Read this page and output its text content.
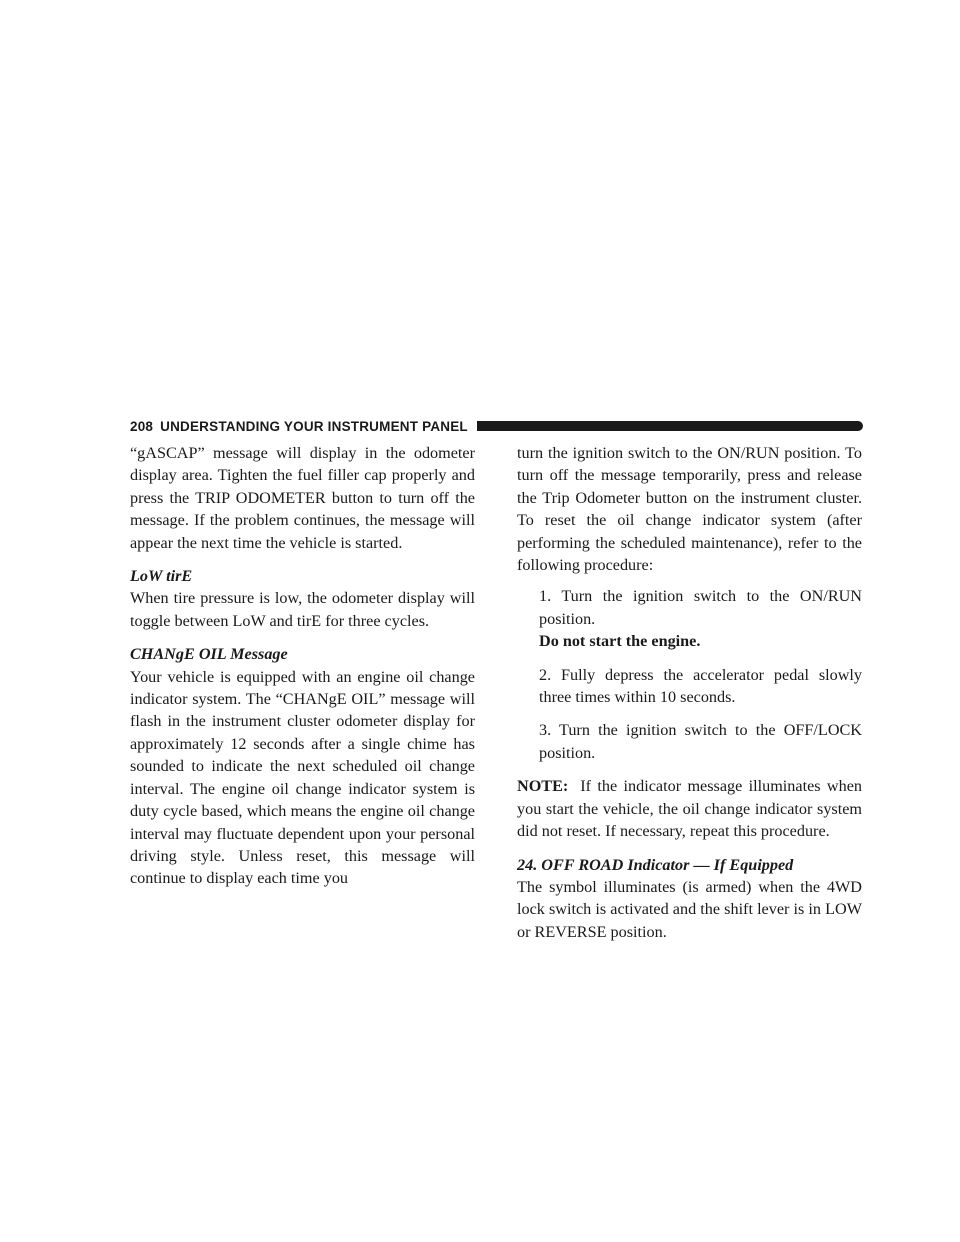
208 UNDERSTANDING YOUR INSTRUMENT PANEL

“gASCAP” message will display in the odometer display area. Tighten the fuel filler cap properly and press the TRIP ODOMETER button to turn off the message. If the problem continues, the message will appear the next time the vehicle is started.

LoW tirE

When tire pressure is low, the odometer display will toggle between LoW and tirE for three cycles.

CHANgE OIL Message

Your vehicle is equipped with an engine oil change indicator system. The “CHANgE OIL” message will flash in the instrument cluster odometer display for approximately 12 seconds after a single chime has sounded to indicate the next scheduled oil change interval. The engine oil change indicator system is duty cycle based, which means the engine oil change interval may fluctuate dependent upon your personal driving style. Unless reset, this message will continue to display each time you

turn the ignition switch to the ON/RUN position. To turn off the message temporarily, press and release the Trip Odometer button on the instrument cluster. To reset the oil change indicator system (after performing the scheduled maintenance), refer to the following procedure:

1. Turn the ignition switch to the ON/RUN position.
Do not start the engine.

2. Fully depress the accelerator pedal slowly three times within 10 seconds.

3. Turn the ignition switch to the OFF/LOCK position.

NOTE: If the indicator message illuminates when you start the vehicle, the oil change indicator system did not reset. If necessary, repeat this procedure.

24. OFF ROAD Indicator — If Equipped

The symbol illuminates (is armed) when the 4WD lock switch is activated and the shift lever is in LOW or REVERSE position.
